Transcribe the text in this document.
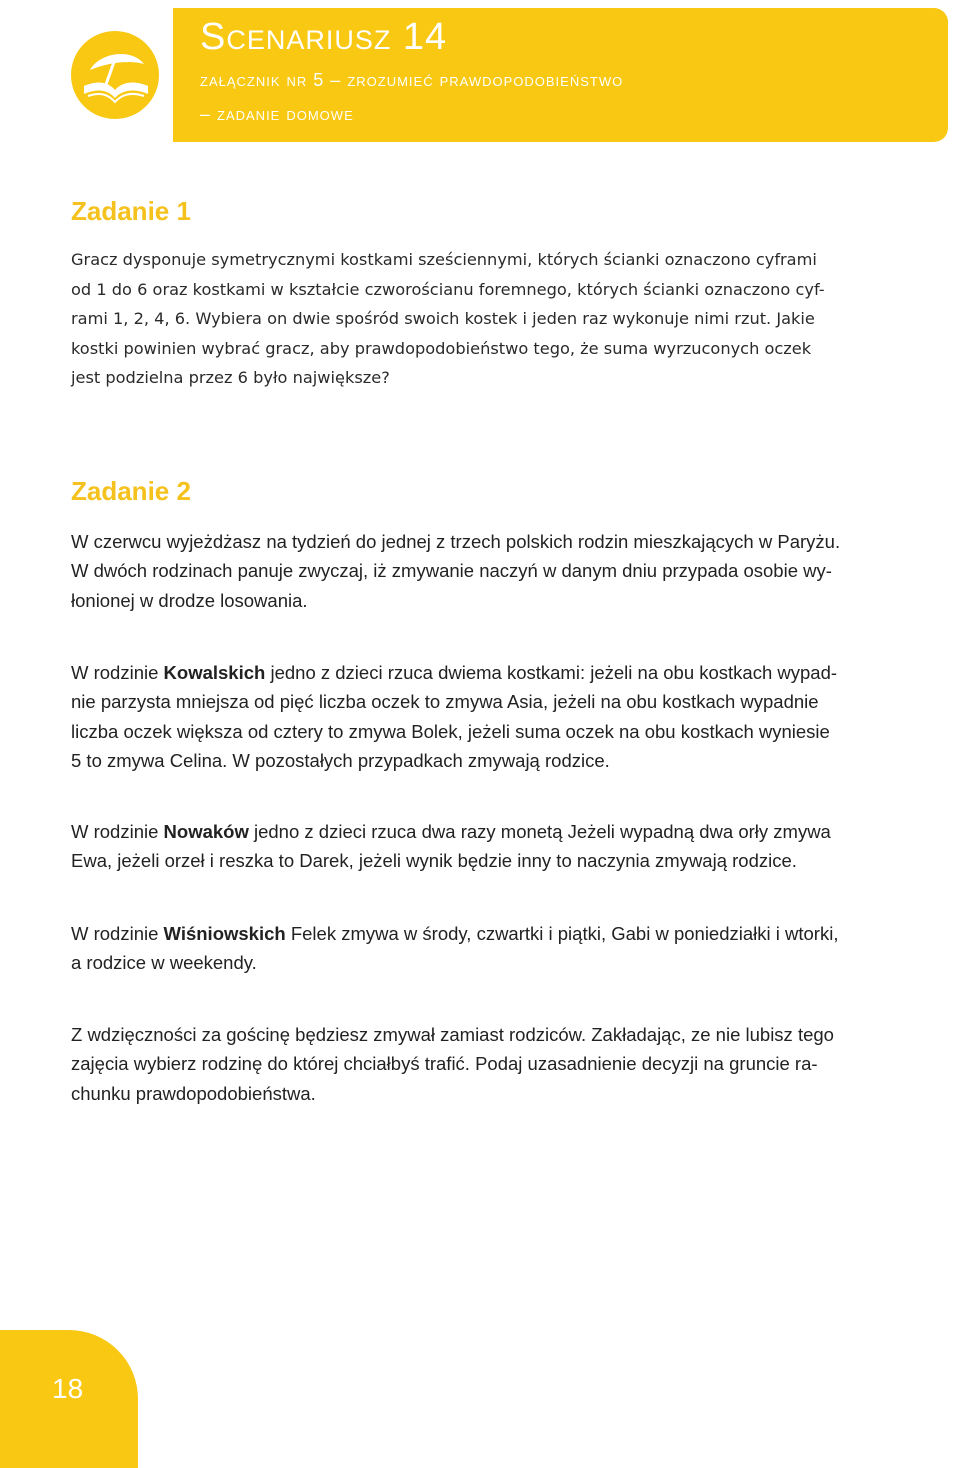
Scenariusz 14
załącznik nr 5 – zrozumieć prawdopodobieństwo
– zadanie domowe
Zadanie 1
Gracz dysponuje symetrycznymi kostkami sześciennymi, których ścianki oznaczono cyframi
od 1 do 6 oraz kostkami w kształcie czworościanu foremnego, których ścianki oznaczono cyf-
rami 1, 2, 4, 6. Wybiera on dwie spośród swoich kostek i jeden raz wykonuje nimi rzut. Jakie
kostki powinien wybrać gracz, aby prawdopodobieństwo tego, że suma wyrzuconych oczek
jest podzielna przez 6 było największe?
Zadanie 2
W czerwcu wyjeżdżasz na tydzień do jednej z trzech polskich rodzin mieszkających w Paryżu.
W dwóch rodzinach panuje zwyczaj, iż zmywanie naczyń w danym dniu przypada osobie wy-
łonionej w drodze losowania.
W rodzinie Kowalskich jedno z dzieci rzuca dwiema kostkami: jeżeli na obu kostkach wypad-
nie parzysta mniejsza od pięć liczba oczek to zmywa Asia, jeżeli na obu kostkach wypadnie
liczba oczek większa od cztery to zmywa Bolek, jeżeli suma oczek na obu kostkach wyniesie
5 to zmywa Celina. W pozostałych przypadkach zmywają rodzice.
W rodzinie Nowaków jedno z dzieci rzuca dwa razy monetą Jeżeli wypadną dwa orły zmywa
Ewa, jeżeli orzeł i reszka to Darek, jeżeli wynik będzie inny to naczynia zmywają rodzice.
W rodzinie Wiśniowskich Felek zmywa w środy, czwartki i piątki, Gabi w poniedziałki i wtorki,
a rodzice w weekendy.
Z wdzięczności za gościnę będziesz zmywał zamiast rodziców. Zakładając, ze nie lubisz tego
zajęcia wybierz rodzinę do której chciałbyś trafić. Podaj uzasadnienie decyzji na gruncie ra-
chunku prawdopodobieństwa.
18
